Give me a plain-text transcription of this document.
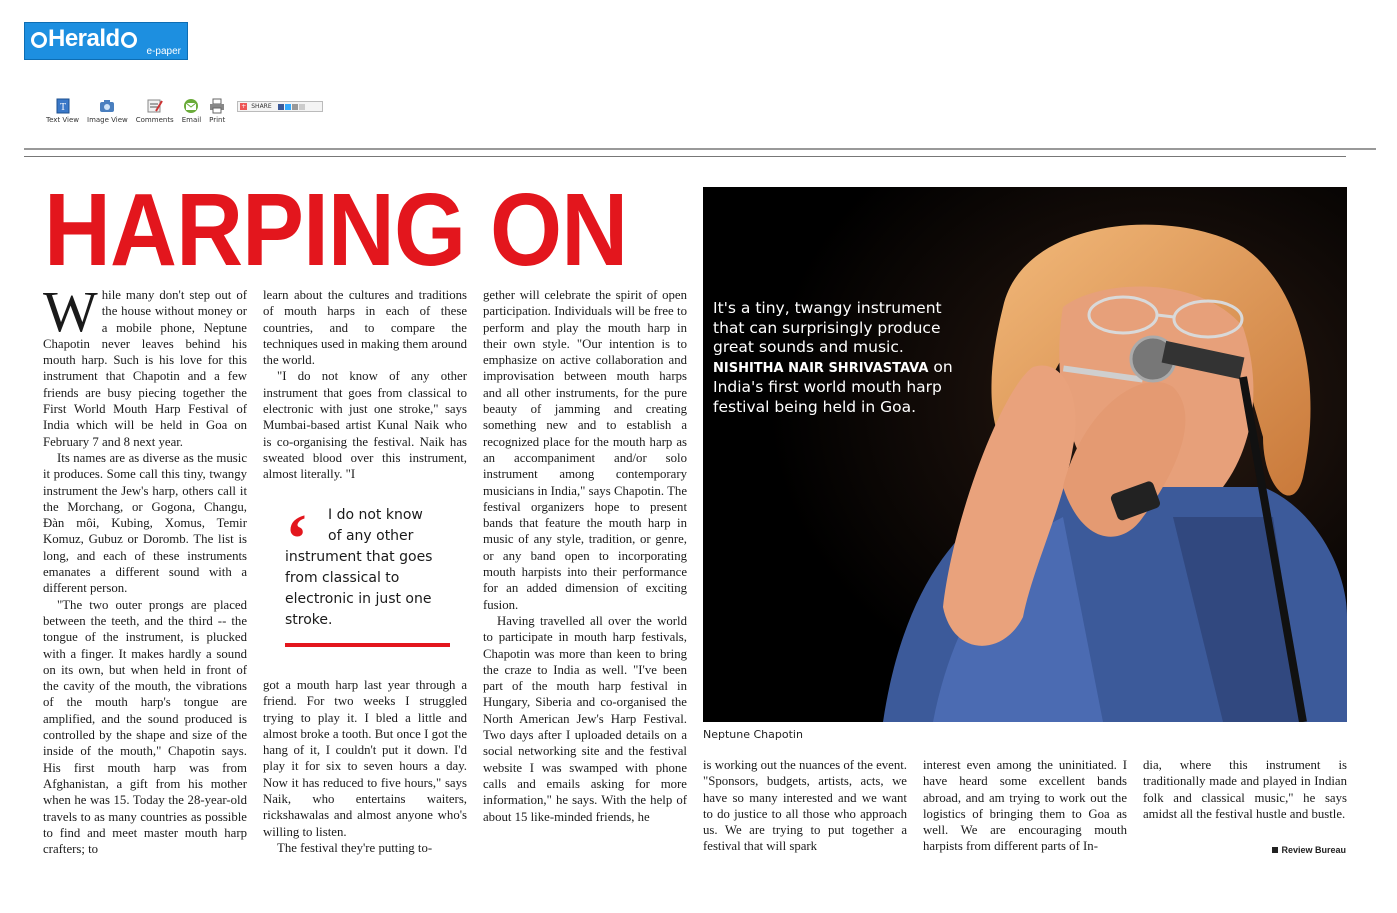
Herald	e-paper
T
Text View Image View Comments Email Print
+ SHARE
HARPING ON

While many don't step out of the house without money or a mobile phone, Neptune Chapotin never leaves behind his mouth harp. Such is his love for this instrument that Chapotin and a few friends are busy piecing together the First World Mouth Harp Festival of India which will be held in Goa on February 7 and 8 next year.

Its names are as diverse as the music it produces. Some call this tiny, twangy instrument the Jew's harp, others call it the Morchang, or Gogona, Changu, Đàn môi, Kubing, Xomus, Temir Komuz, Gubuz or Doromb. The list is long, and each of these instruments emanates a different sound with a different person.

"The two outer prongs are placed between the teeth, and the third -- the tongue of the instrument, is plucked with a finger. It makes hardly a sound on its own, but when held in front of the cavity of the mouth, the vibrations of the mouth harp's tongue are amplified, and the sound produced is controlled by the shape and size of the inside of the mouth," Chapotin says. His first mouth harp was from Afghanistan, a gift from his mother when he was 15. Today the 28-year-old travels to as many countries as possible to find and meet master mouth harp crafters; to

learn about the cultures and traditions of mouth harps in each of these countries, and to compare the techniques used in making them around the world.

"I do not know of any other instrument that goes from classical to electronic with just one stroke," says Mumbai-based artist Kunal Naik who is co-organising the festival. Naik has sweated blood over this instrument, almost literally. "I

‘	I do not know
of any other
instrument that goes from classical to electronic in just one stroke.

got a mouth harp last year through a friend. For two weeks I struggled trying to play it. I bled a little and almost broke a tooth. But once I got the hang of it, I couldn't put it down. I'd play it for six to seven hours a day. Now it has reduced to five hours," says Naik, who entertains waiters, rickshawalas and almost anyone who's willing to listen.

The festival they're putting to-

gether will celebrate the spirit of open participation. Individuals will be free to perform and play the mouth harp in their own style. "Our intention is to emphasize on active collaboration and improvisation between mouth harps and all other instruments, for the pure beauty of jamming and creating something new and to establish a recognized place for the mouth harp as an accompaniment and/or solo instrument among contemporary musicians in India," says Chapotin. The festival organizers hope to present bands that feature the mouth harp in music of any style, tradition, or genre, or any band open to incorporating mouth harpists into their performance for an added dimension of exciting fusion.

Having travelled all over the world to participate in mouth harp festivals, Chapotin was more than keen to bring the craze to India as well. "I've been part of the mouth harp festival in Hungary, Siberia and co-organised the North American Jew's Harp Festival. Two days after I uploaded details on a social networking site and the festival website I was swamped with phone calls and emails asking for more information," he says. With the help of about 15 like-minded friends, he

It's a tiny, twangy instrument that can surprisingly produce great sounds and music. NISHITHA NAIR SHRIVASTAVA on India's first world mouth harp festival being held in Goa.
Neptune Chapotin

is working out the nuances of the event. "Sponsors, budgets, artists, acts, we have so many interested and we want to do justice to all those who approach us. We are trying to put together a festival that will spark

interest even among the uninitiated. I have heard some excellent bands abroad, and am trying to work out the logistics of bringing them to Goa as well. We are encouraging mouth harpists from different parts of In-

dia, where this instrument is traditionally made and played in Indian folk and classical music," he says amidst all the festival hustle and bustle.

Review Bureau
